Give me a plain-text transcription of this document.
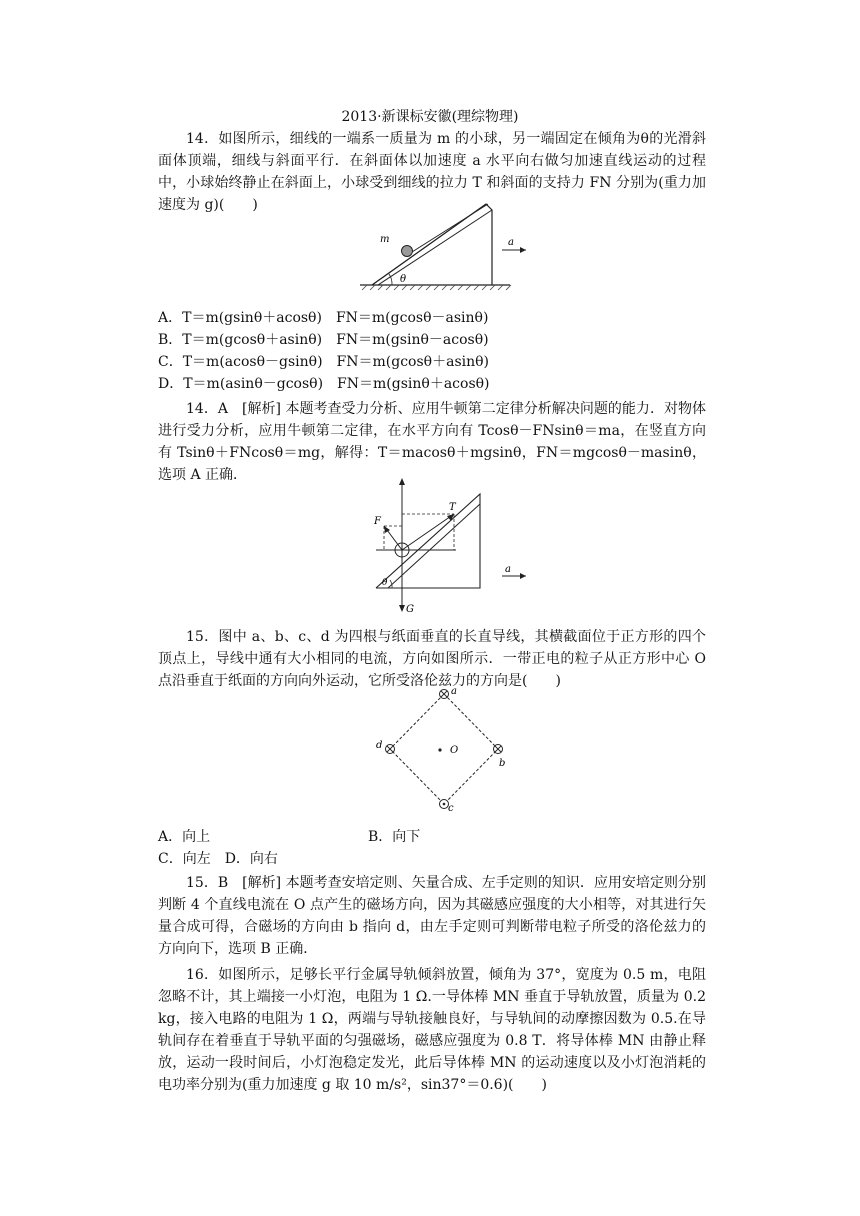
2013·新课标安徽(理综物理)

14．如图所示，细线的一端系一质量为 m 的小球，另一端固定在倾角为θ的光滑斜面体顶端，细线与斜面平行．在斜面体以加速度 a 水平向右做匀加速直线运动的过程中，小球始终静止在斜面上，小球受到细线的拉力 T 和斜面的支持力 FN 分别为(重力加速度为 g)(　　)

m
θ
a
A．T＝m(gsinθ＋acosθ)　FN＝m(gcosθ－asinθ)
B．T＝m(gcosθ＋asinθ)　FN＝m(gsinθ－acosθ)
C．T＝m(acosθ－gsinθ)　FN＝m(gcosθ＋asinθ)
D．T＝m(asinθ－gcosθ)　FN＝m(gsinθ＋acosθ)

14．A　[解析] 本题考查受力分析、应用牛顿第二定律分析解决问题的能力．对物体进行受力分析，应用牛顿第二定律，在水平方向有 Tcosθ－FNsinθ＝ma，在竖直方向有 Tsinθ＋FNcosθ＝mg，解得：T＝macosθ＋mgsinθ，FN＝mgcosθ－masinθ，选项 A 正确．

F
T
G
θ
a

15．图中 a、b、c、d 为四根与纸面垂直的长直导线，其横截面位于正方形的四个顶点上，导线中通有大小相同的电流，方向如图所示．一带正电的粒子从正方形中心 O 点沿垂直于纸面的方向向外运动，它所受洛伦兹力的方向是(　　)

O
a
b
c
d
A．向上	B．向下
C．向左　D．向右

15．B　[解析] 本题考查安培定则、矢量合成、左手定则的知识．应用安培定则分别判断 4 个直线电流在 O 点产生的磁场方向，因为其磁感应强度的大小相等，对其进行矢量合成可得，合磁场的方向由 b 指向 d，由左手定则可判断带电粒子所受的洛伦兹力的方向向下，选项 B 正确．

16．如图所示，足够长平行金属导轨倾斜放置，倾角为 37°，宽度为 0.5 m，电阻忽略不计，其上端接一小灯泡，电阻为 1 Ω.一导体棒 MN 垂直于导轨放置，质量为 0.2 kg，接入电路的电阻为 1 Ω，两端与导轨接触良好，与导轨间的动摩擦因数为 0.5.在导轨间存在着垂直于导轨平面的匀强磁场，磁感应强度为 0.8 T．将导体棒 MN 由静止释放，运动一段时间后，小灯泡稳定发光，此后导体棒 MN 的运动速度以及小灯泡消耗的电功率分别为(重力加速度 g 取 10 m/s²，sin37°＝0.6)(　　)
